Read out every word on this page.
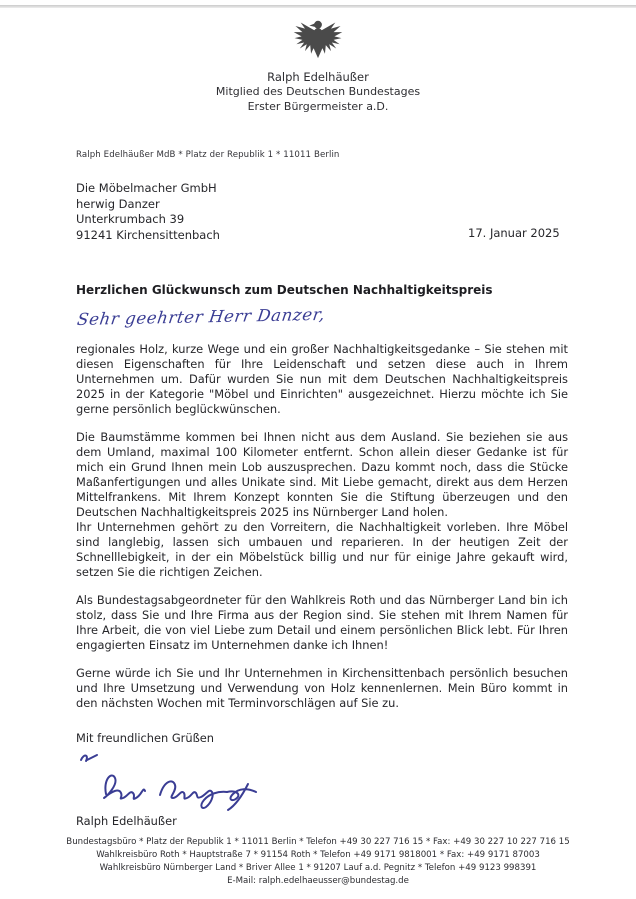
Ralph Edelhäußer
Mitglied des Deutschen Bundestages
Erster Bürgermeister a.D.
Ralph Edelhäußer MdB * Platz der Republik 1 * 11011 Berlin
Die Möbelmacher GmbH
herwig Danzer
Unterkrumbach 39
91241 Kirchensittenbach	17. Januar 2025
Herzlichen Glückwunsch zum Deutschen Nachhaltigkeitspreis
Sehr geehrter Herr Danzer,

regionales Holz, kurze Wege und ein großer Nachhaltigkeitsgedanke – Sie stehen mit diesen Eigenschaften für Ihre Leidenschaft und setzen diese auch in Ihrem Unternehmen um. Dafür wurden Sie nun mit dem Deutschen Nachhaltigkeitspreis 2025 in der Kategorie "Möbel und Einrichten" ausgezeichnet. Hierzu möchte ich Sie gerne persönlich beglückwünschen.

Die Baumstämme kommen bei Ihnen nicht aus dem Ausland. Sie beziehen sie aus dem Umland, maximal 100 Kilometer entfernt. Schon allein dieser Gedanke ist für mich ein Grund Ihnen mein Lob auszusprechen. Dazu kommt noch, dass die Stücke Maßanfertigungen und alles Unikate sind. Mit Liebe gemacht, direkt aus dem Herzen Mittelfrankens. Mit Ihrem Konzept konnten Sie die Stiftung überzeugen und den Deutschen Nachhaltigkeitspreis 2025 ins Nürnberger Land holen.

Ihr Unternehmen gehört zu den Vorreitern, die Nachhaltigkeit vorleben. Ihre Möbel sind langlebig, lassen sich umbauen und reparieren. In der heutigen Zeit der Schnelllebigkeit, in der ein Möbelstück billig und nur für einige Jahre gekauft wird, setzen Sie die richtigen Zeichen.

Als Bundestagsabgeordneter für den Wahlkreis Roth und das Nürnberger Land bin ich stolz, dass Sie und Ihre Firma aus der Region sind. Sie stehen mit Ihrem Namen für Ihre Arbeit, die von viel Liebe zum Detail und einem persönlichen Blick lebt. Für Ihren engagierten Einsatz im Unternehmen danke ich Ihnen!

Gerne würde ich Sie und Ihr Unternehmen in Kirchensittenbach persönlich besuchen und Ihre Umsetzung und Verwendung von Holz kennenlernen. Mein Büro kommt in den nächsten Wochen mit Terminvorschlägen auf Sie zu.

Mit freundlichen Grüßen
Ralph Edelhäußer
Bundestagsbüro * Platz der Republik 1 * 11011 Berlin * Telefon +49 30 227 716 15 * Fax: +49 30 227 10 227 716 15
Wahlkreisbüro Roth * Hauptstraße 7 * 91154 Roth * Telefon +49 9171 9818001 * Fax: +49 9171 87003
Wahlkreisbüro Nürnberger Land * Briver Allee 1 * 91207 Lauf a.d. Pegnitz * Telefon +49 9123 998391
E-Mail: ralph.edelhaeusser@bundestag.de
